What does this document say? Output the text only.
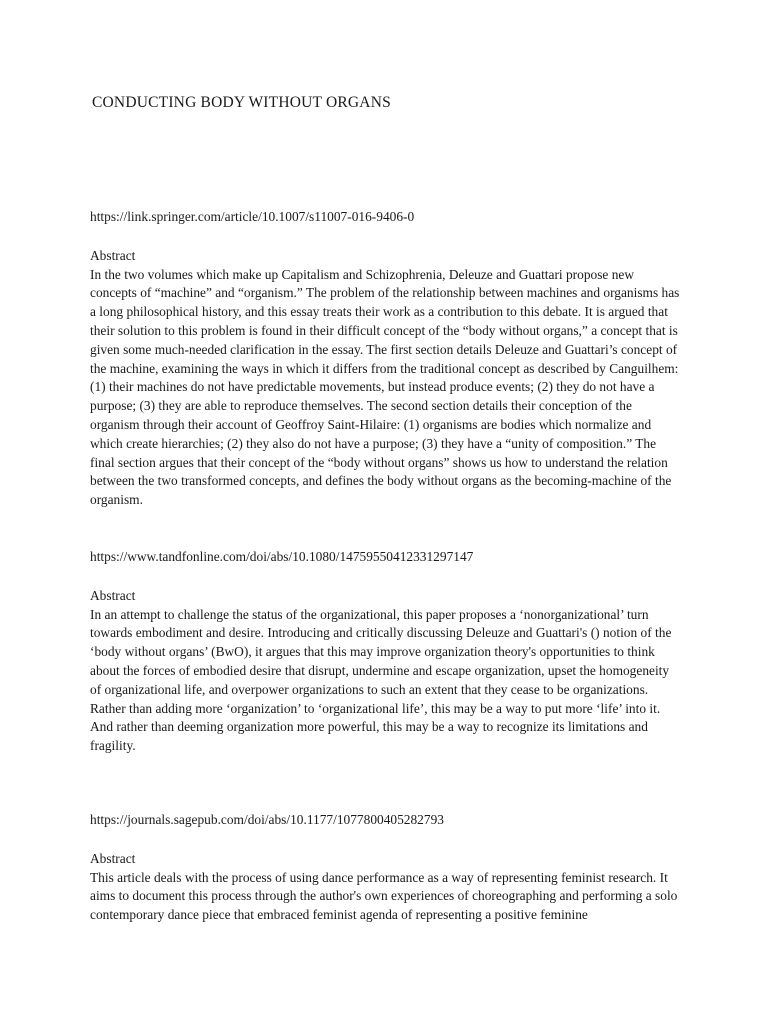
CONDUCTING BODY WITHOUT ORGANS

https://link.springer.com/article/10.1007/s11007-016-9406-0

Abstract

In the two volumes which make up Capitalism and Schizophrenia, Deleuze and Guattari propose new concepts of “machine” and “organism.” The problem of the relationship between machines and organisms has a long philosophical history, and this essay treats their work as a contribution to this debate. It is argued that their solution to this problem is found in their difficult concept of the “body without organs,” a concept that is given some much-needed clarification in the essay. The first section details Deleuze and Guattari’s concept of the machine, examining the ways in which it differs from the traditional concept as described by Canguilhem: (1) their machines do not have predictable movements, but instead produce events; (2) they do not have a purpose; (3) they are able to reproduce themselves. The second section details their conception of the organism through their account of Geoffroy Saint-Hilaire: (1) organisms are bodies which normalize and which create hierarchies; (2) they also do not have a purpose; (3) they have a “unity of composition.” The final section argues that their concept of the “body without organs” shows us how to understand the relation between the two transformed concepts, and defines the body without organs as the becoming-machine of the organism.

https://www.tandfonline.com/doi/abs/10.1080/14759550412331297147

Abstract

In an attempt to challenge the status of the organizational, this paper proposes a ‘nonorganizational’ turn towards embodiment and desire. Introducing and critically discussing Deleuze and Guattari's () notion of the ‘body without organs’ (BwO), it argues that this may improve organization theory's opportunities to think about the forces of embodied desire that disrupt, undermine and escape organization, upset the homogeneity of organizational life, and overpower organizations to such an extent that they cease to be organizations. Rather than adding more ‘organization’ to ‘organizational life’, this may be a way to put more ‘life’ into it. And rather than deeming organization more powerful, this may be a way to recognize its limitations and fragility.

https://journals.sagepub.com/doi/abs/10.1177/1077800405282793

Abstract

This article deals with the process of using dance performance as a way of representing feminist research. It aims to document this process through the author's own experiences of choreographing and performing a solo contemporary dance piece that embraced feminist agenda of representing a positive feminine
